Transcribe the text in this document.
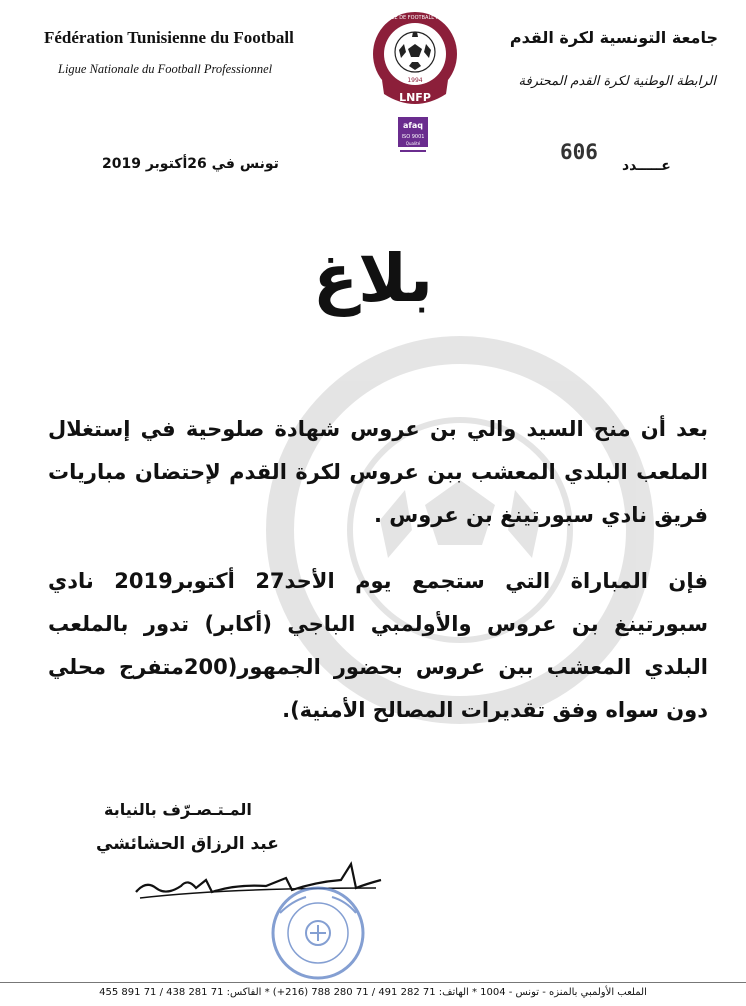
Fédération Tunisienne du Football
Ligue Nationale du Football Professionnel
جامعة التونسية لكرة القدم
الرابطة الوطنية لكرة القدم المحترفة
LIGUE NATIONALE DE FOOTBALL PROFESSIONNEL
1994
LNFP
afaq
ISO 9001
Qualité
تونس في 26أكتوبر 2019	606
عـــــدد
بلاغ
بعد أن منح السيد والي بن عروس شهادة صلوحية في إستغلال الملعب البلدي المعشب ببن عروس لكرة القدم لإحتضان مباريات فريق نادي سبورتينغ بن عروس .
فإن المباراة التي ستجمع يوم الأحد27 أكتوبر2019 نادي سبورتينغ بن عروس والأولمبي الباجي (أكابر) تدور بالملعب البلدي المعشب ببن عروس بحضور الجمهور(200متفرج محلي دون سواه وفق تقديرات المصالح الأمنية).
المـتـصـرّف بالنيابة
عبد الرزاق الحشائشي
الملعب الأولمبي بالمنزه - تونس - 1004 * الهاتف: 71 282 491 / 71 280 788 (216+) * الفاكس: 71 281 438 / 71 891 455
